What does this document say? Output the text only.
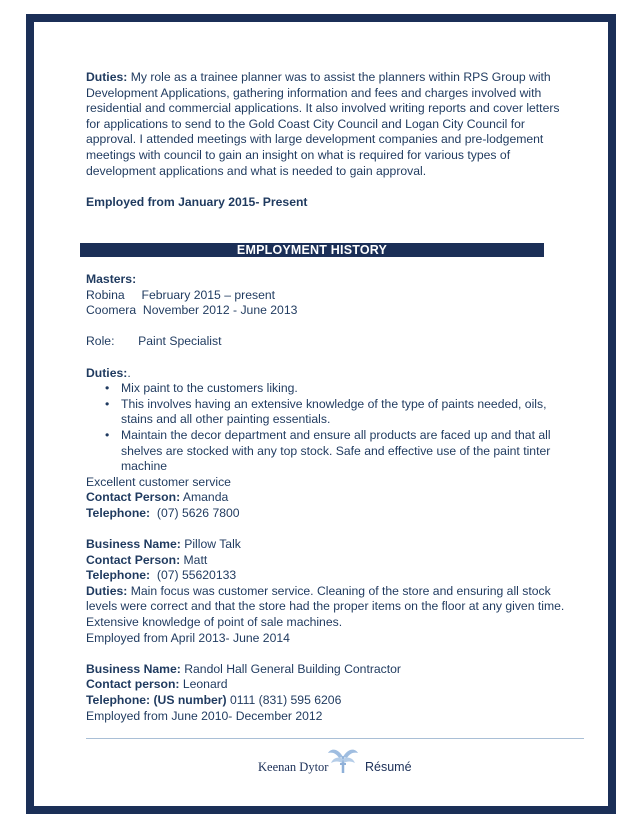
Duties: My role as a trainee planner was to assist the planners within RPS Group with Development Applications, gathering information and fees and charges involved with residential and commercial applications. It also involved writing reports and cover letters for applications to send to the Gold Coast City Council and Logan City Council for approval. I attended meetings with large development companies and pre-lodgement meetings with council to gain an insight on what is required for various types of development applications and what is needed to gain approval.

Employed from January 2015- Present

EMPLOYMENT HISTORY

Masters:

Robina     February 2015 – present

Coomera  November 2012 - June 2013

Role:       Paint Specialist

Duties:.

• Mix paint to the customers liking.
• This involves having an extensive knowledge of the type of paints needed, oils, stains and all other painting essentials.
• Maintain the decor department and ensure all products are faced up and that all shelves are stocked with any top stock. Safe and effective use of the paint tinter machine

Excellent customer service

Contact Person: Amanda

Telephone:  (07) 5626 7800

Business Name: Pillow Talk

Contact Person: Matt

Telephone:  (07) 55620133

Duties: Main focus was customer service. Cleaning of the store and ensuring all stock levels were correct and that the store had the proper items on the floor at any given time. Extensive knowledge of point of sale machines.

Employed from April 2013- June 2014

Business Name: Randol Hall General Building Contractor

Contact person: Leonard

Telephone: (US number) 0111 (831) 595 6206

Employed from June 2010- December 2012

Keenan Dytor	Résumé
